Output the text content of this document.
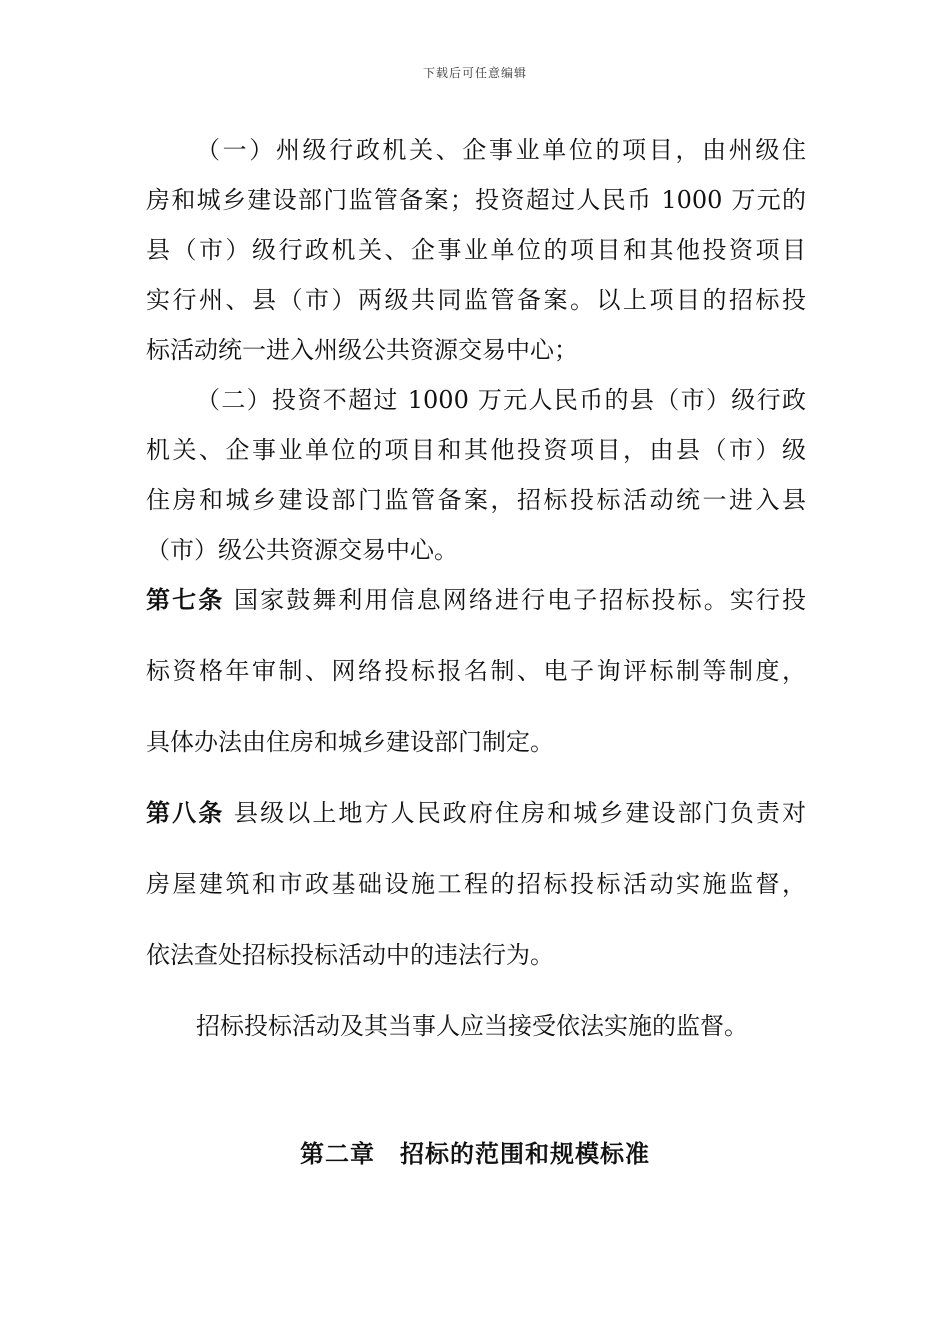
下载后可任意编辑
（一）州级行政机关、企事业单位的项目，由州级住
房和城乡建设部门监管备案；投资超过人民币 1000 万元的
县（市）级行政机关、企事业单位的项目和其他投资项目
实行州、县（市）两级共同监管备案。以上项目的招标投
标活动统一进入州级公共资源交易中心；
（二）投资不超过 1000 万元人民币的县（市）级行政
机关、企事业单位的项目和其他投资项目，由县（市）级
住房和城乡建设部门监管备案，招标投标活动统一进入县
（市）级公共资源交易中心。
第七条 国家鼓舞利用信息网络进行电子招标投标。实行投
标资格年审制、网络投标报名制、电子询评标制等制度，
具体办法由住房和城乡建设部门制定。
第八条 县级以上地方人民政府住房和城乡建设部门负责对
房屋建筑和市政基础设施工程的招标投标活动实施监督，
依法查处招标投标活动中的违法行为。
招标投标活动及其当事人应当接受依法实施的监督。
第二章　招标的范围和规模标准
